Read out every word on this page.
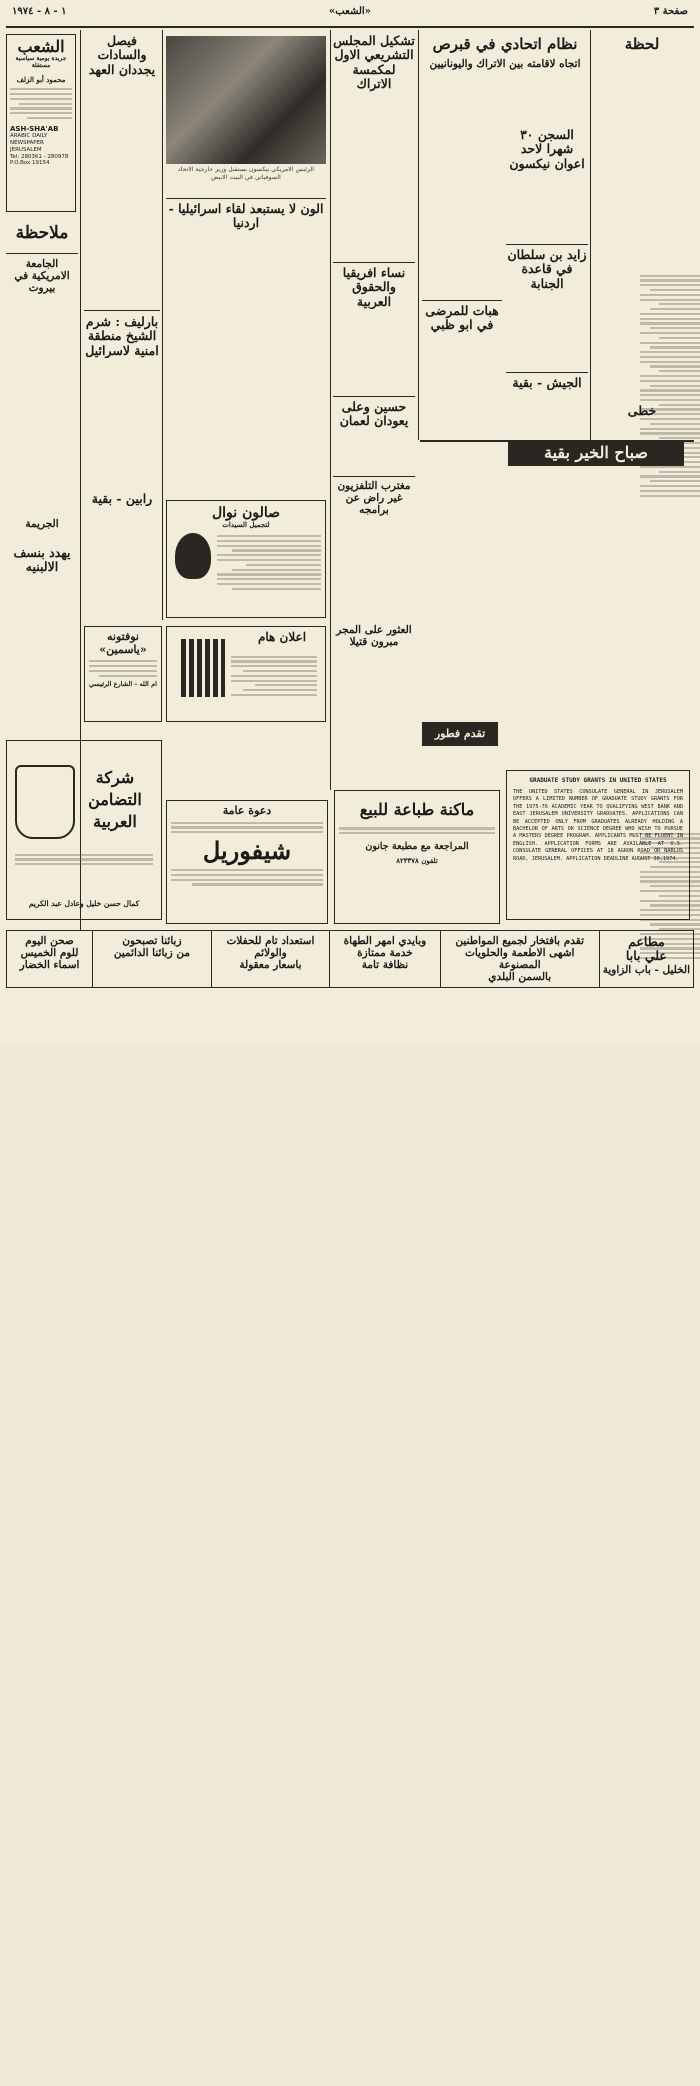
صفحة ٣
«الشعب»
١ - ٨ - ١٩٧٤
الشعب
جريدة يومية سياسية مستقلة
محمود أبو الزلف
ASH-SHA'AB
ARABIC DAILY NEWSPAPER JERUSALEM
Tel: 280361 - 280978
P.O.Box 19154
ملاحظة
الجامعة الامريكية في بيروت
الجريمة
يهدد بنسف الالبنيه
فيصل والسادات يجددان العهد
بارليف : شرم الشيخ منطقة امنية لاسرائيل
رابين - بقية
الرئيس الامريكي نيكسون يستقبل وزير خارجية الاتحاد السوفياتي في البيت الابيض
الون لا يستبعد لقاء اسرائيليا - اردنيا
صالون نوال
لتجميل السيدات
تشكيل المجلس التشريعي الاول لمكمسة الاتراك
نساء افريقيا والحقوق العربية
حسين وعلى يعودان لعمان
مغترب التلفزيون غير راض عن برامجه
نظام اتحادي في قبرص
اتجاه لاقامته بين الاتراك واليونانيين
السجن ٣٠ شهرا لاحد اعوان نيكسون
زايد بن سلطان في قاعدة الجنابة
هبات للمرضى في ابو ظبي
الجيش - بقية
لحظة
خطى
صباح الخير بقية
العثور على المجر مبرون قتيلا
تقدم فطور
GRADUATE STUDY GRANTS IN UNITED STATES
THE UNITED STATES CONSULATE GENERAL IN JERUSALEM OFFERS A LIMITED NUMBER OF GRADUATE STUDY GRANTS FOR THE 1975-76 ACADEMIC YEAR TO QUALIFYING WEST BANK AND EAST JERUSALEM UNIVERSITY GRADUATES. APPLICATIONS CAN BE ACCEPTED ONLY FROM GRADUATES ALREADY HOLDING A BACHELOR OF ARTS OR SCIENCE DEGREE WHO WISH TO PURSUE A MASTERS DEGREE PROGRAM. APPLICANTS MUST BE FLUENT IN ENGLISH. APPLICATION FORMS ARE AVAILABLE AT U.S. CONSULATE GENERAL OFFICES AT 18 AGRON ROAD OR NABLUS ROAD, JERUSALEM. APPLICATION DEADLINE AUGUST 30,1974.
نوفتونه «ياسمين»
ام الله - الشارع الرئيسي
اعلان هام
دعوة عامة
شيفوريل
شركة التضامن العربية
كمال حسن خليل وعادل عبد الكريم
ماكنة طباعة للبيع
المراجعة مع مطبعة جانون
تلفون ٨٢٣٣٧٨
مطاعم
علي بابا
الخليل - باب الزاوية
تقدم بافتخار لجميع المواطنين
اشهى الاطعمة والحلويات المصنوعة
بالسمن البلدي
وبايدي امهر الطهاة
خدمة ممتازة
نظافة تامة
استعداد تام للحفلات
والولائم
باسعار معقولة
زبائنا تصبحون
من زبائنا الدائمين
صحن اليوم
للوم الخميس
اسماء الخضار
